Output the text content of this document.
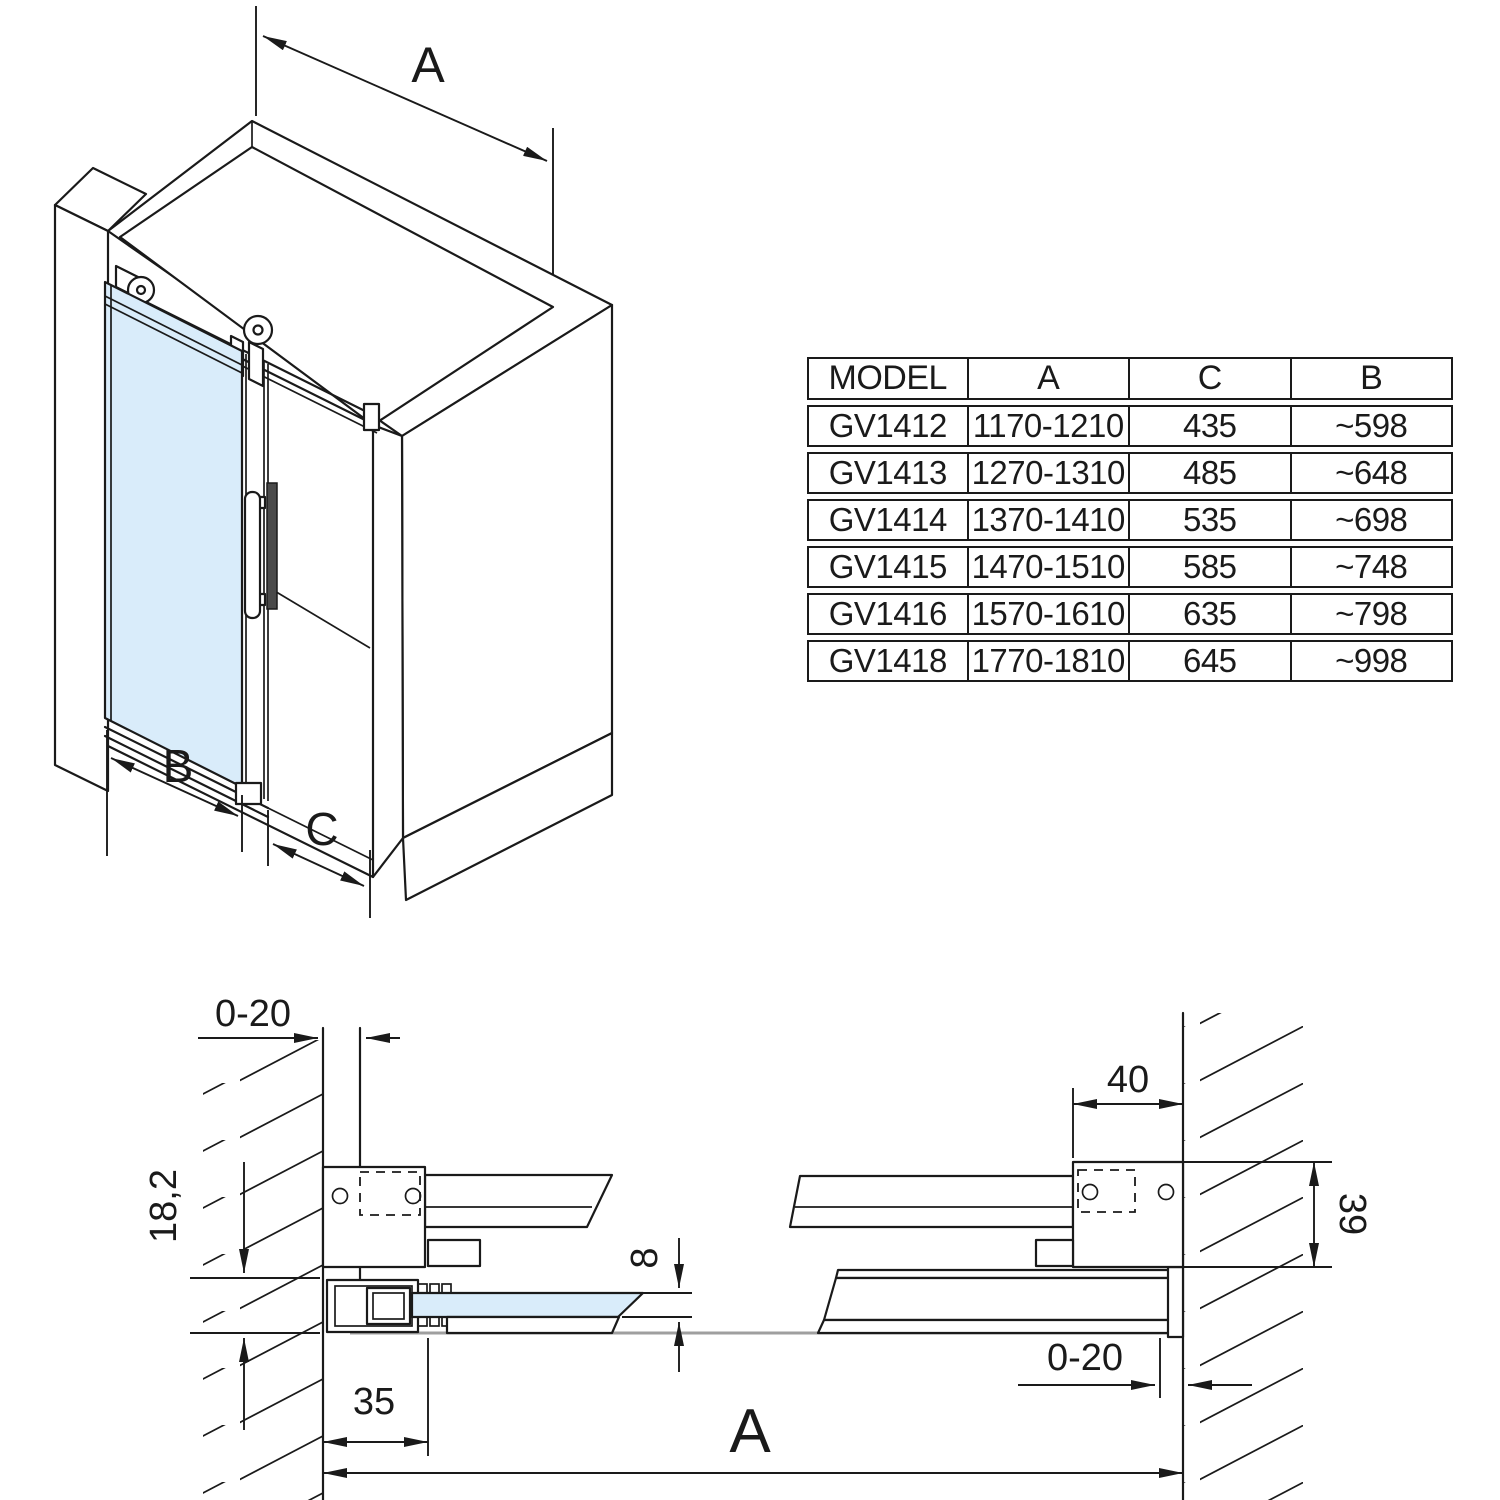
A
B
C
0-20
18,2
35
8
40
39
0-20
A
MODEL	A	C	B
GV1412	1170-1210	435	~598
GV1413	1270-1310	485	~648
GV1414	1370-1410	535	~698
GV1415	1470-1510	585	~748
GV1416	1570-1610	635	~798
GV1418	1770-1810	645	~998
